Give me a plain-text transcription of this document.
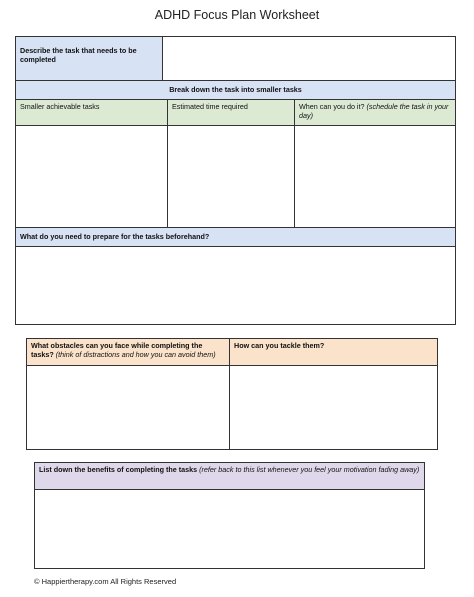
ADHD Focus Plan Worksheet
Describe the task that needs to be completed
Break down the task into smaller tasks
Smaller achievable tasks	Estimated time required	When can you do it? (schedule the task in your day)
What do you need to prepare for the tasks beforehand?
What obstacles can you face while completing the tasks? (think of distractions and how you can avoid them)
How can you tackle them?
List down the benefits of completing the tasks (refer back to this list whenever you feel your motivation fading away)
© Happiertherapy.com All Rights Reserved
